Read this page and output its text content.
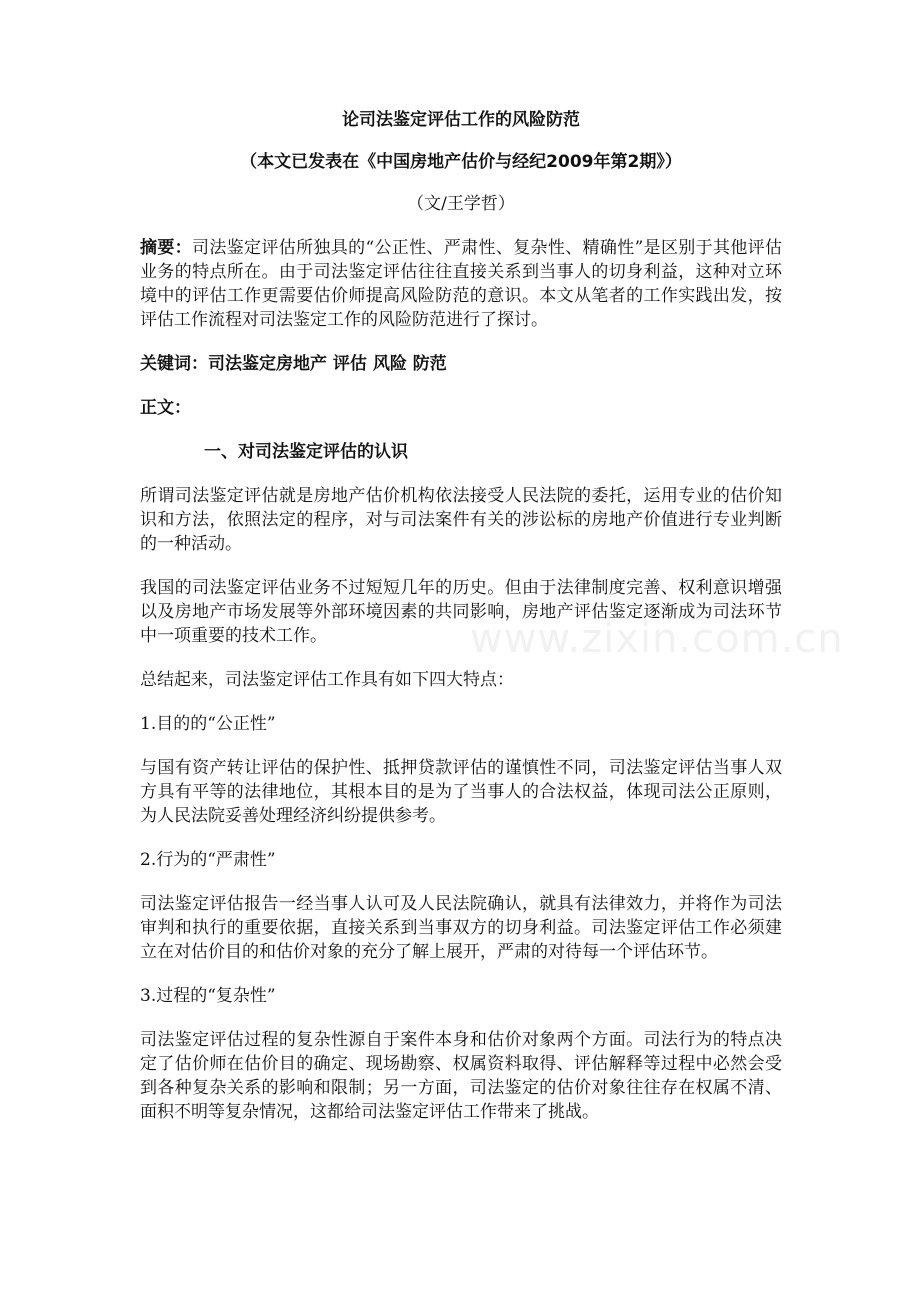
www.zixin.com.cn

论司法鉴定评估工作的风险防范

（本文已发表在《中国房地产估价与经纪2009年第2期》）

（文/王学哲）

摘要：司法鉴定评估所独具的“公正性、严肃性、复杂性、精确性”是区别于其他评估业务的特点所在。由于司法鉴定评估往往直接关系到当事人的切身利益，这种对立环境中的评估工作更需要估价师提高风险防范的意识。本文从笔者的工作实践出发，按评估工作流程对司法鉴定工作的风险防范进行了探讨。

关键词：司法鉴定房地产 评估 风险 防范

正文：

一、对司法鉴定评估的认识

所谓司法鉴定评估就是房地产估价机构依法接受人民法院的委托，运用专业的估价知识和方法，依照法定的程序，对与司法案件有关的涉讼标的房地产价值进行专业判断的一种活动。

我国的司法鉴定评估业务不过短短几年的历史。但由于法律制度完善、权利意识增强以及房地产市场发展等外部环境因素的共同影响，房地产评估鉴定逐渐成为司法环节中一项重要的技术工作。

总结起来，司法鉴定评估工作具有如下四大特点：

1.目的的“公正性”

与国有资产转让评估的保护性、抵押贷款评估的谨慎性不同，司法鉴定评估当事人双方具有平等的法律地位，其根本目的是为了当事人的合法权益，体现司法公正原则，为人民法院妥善处理经济纠纷提供参考。

2.行为的“严肃性”

司法鉴定评估报告一经当事人认可及人民法院确认，就具有法律效力，并将作为司法审判和执行的重要依据，直接关系到当事双方的切身利益。司法鉴定评估工作必须建立在对估价目的和估价对象的充分了解上展开，严肃的对待每一个评估环节。

3.过程的“复杂性”

司法鉴定评估过程的复杂性源自于案件本身和估价对象两个方面。司法行为的特点决定了估价师在估价目的确定、现场勘察、权属资料取得、评估解释等过程中必然会受到各种复杂关系的影响和限制；另一方面，司法鉴定的估价对象往往存在权属不清、面积不明等复杂情况，这都给司法鉴定评估工作带来了挑战。
